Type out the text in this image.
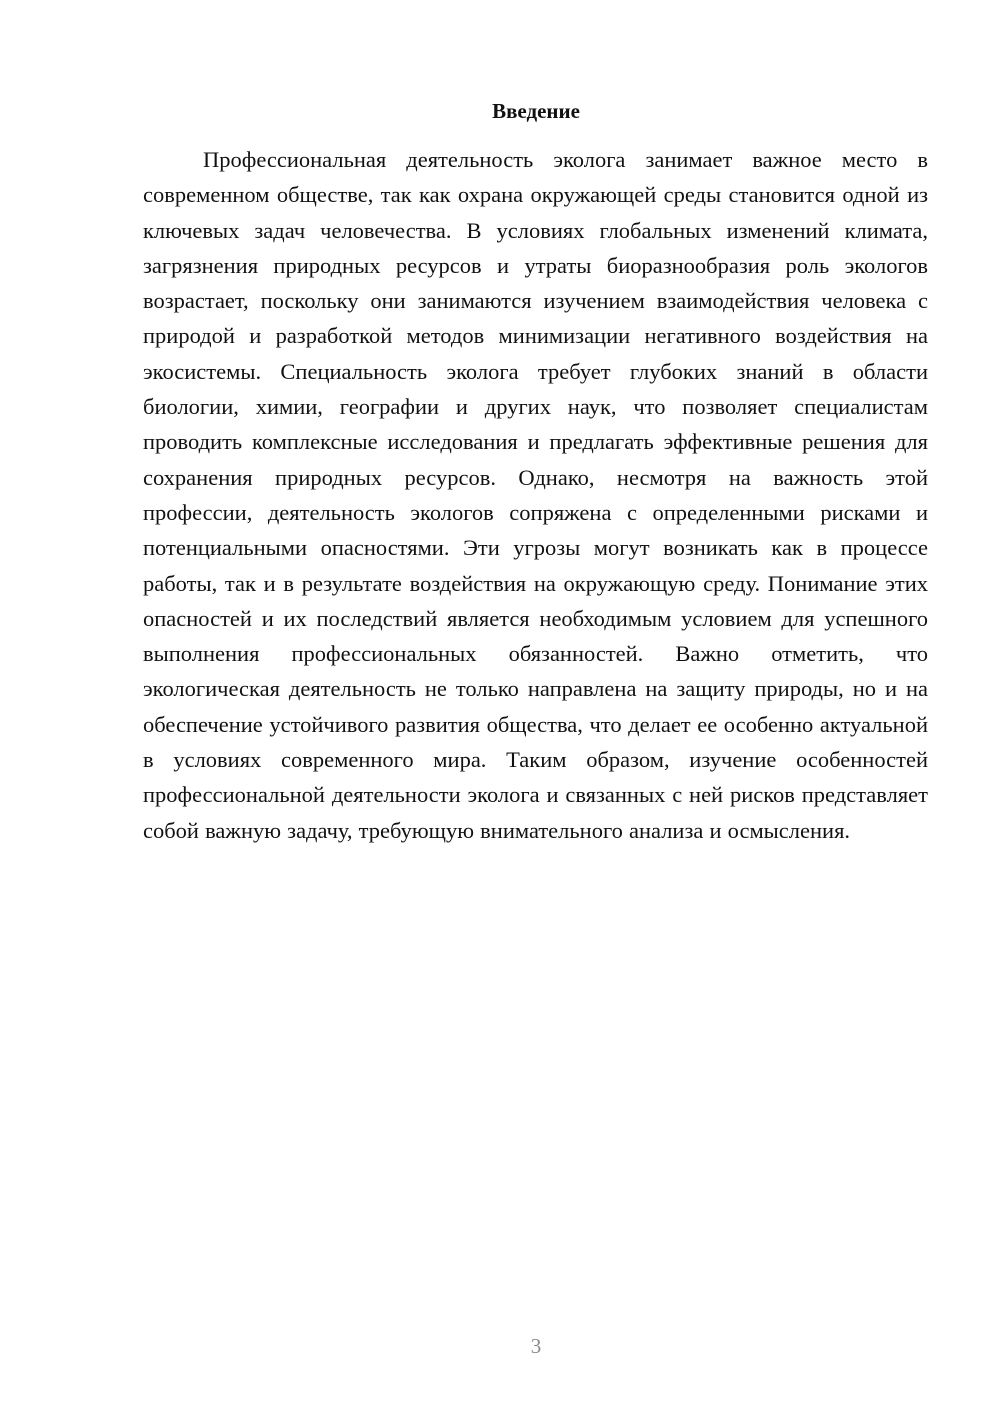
Введение

Профессиональная деятельность эколога занимает важное место в современном обществе, так как охрана окружающей среды становится одной из ключевых задач человечества. В условиях глобальных изменений климата, загрязнения природных ресурсов и утраты биоразнообразия роль экологов возрастает, поскольку они занимаются изучением взаимодействия человека с природой и разработкой методов минимизации негативного воздействия на экосистемы. Специальность эколога требует глубоких знаний в области биологии, химии, географии и других наук, что позволяет специалистам проводить комплексные исследования и предлагать эффективные решения для сохранения природных ресурсов. Однако, несмотря на важность этой профессии, деятельность экологов сопряжена с определенными рисками и потенциальными опасностями. Эти угрозы могут возникать как в процессе работы, так и в результате воздействия на окружающую среду. Понимание этих опасностей и их последствий является необходимым условием для успешного выполнения профессиональных обязанностей. Важно отметить, что экологическая деятельность не только направлена на защиту природы, но и на обеспечение устойчивого развития общества, что делает ее особенно актуальной в условиях современного мира. Таким образом, изучение особенностей профессиональной деятельности эколога и связанных с ней рисков представляет собой важную задачу, требующую внимательного анализа и осмысления.

3
